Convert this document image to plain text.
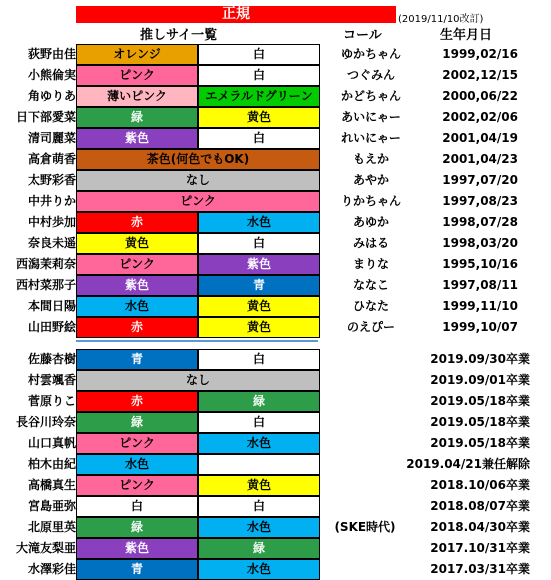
正規	(2019/11/10改訂)
推しサイ一覧	コール	生年月日
荻野由佳	オレンジ	白	ゆかちゃん	1999,02/16
小熊倫実	ピンク	白	つぐみん	2002,12/15
角ゆりあ	薄いピンク	エメラルドグリーン	かどちゃん	2000,06/22
日下部愛菜	緑	黄色	あいにゃー	2002,02/06
清司麗菜	紫色	白	れいにゃー	2001,04/19
高倉萌香	茶色(何色でもOK)	もえか	2001,04/23
太野彩香	なし	あやか	1997,07/20
中井りか	ピンク	りかちゃん	1997,08/23
中村歩加	赤	水色	あゆか	1998,07/28
奈良未遥	黄色	白	みはる	1998,03/20
西潟茉莉奈	ピンク	紫色	まりな	1995,10/16
西村菜那子	紫色	青	ななこ	1997,08/11
本間日陽	水色	黄色	ひなた	1999,11/10
山田野絵	赤	黄色	のえぴー	1999,10/07
佐藤杏樹	青	白	2019.09/30卒業
村雲颯香	なし	2019.09/01卒業
菅原りこ	赤	緑	2019.05/18卒業
長谷川玲奈	緑	白	2019.05/18卒業
山口真帆	ピンク	水色	2019.05/18卒業
柏木由紀	水色	2019.04/21兼任解除
高橋真生	ピンク	黄色	2018.10/06卒業
宮島亜弥	白	白	2018.08/07卒業
北原里英	緑	水色	(SKE時代)	2018.04/30卒業
大滝友梨亜	紫色	緑	2017.10/31卒業
水澤彩佳	青	水色	2017.03/31卒業
